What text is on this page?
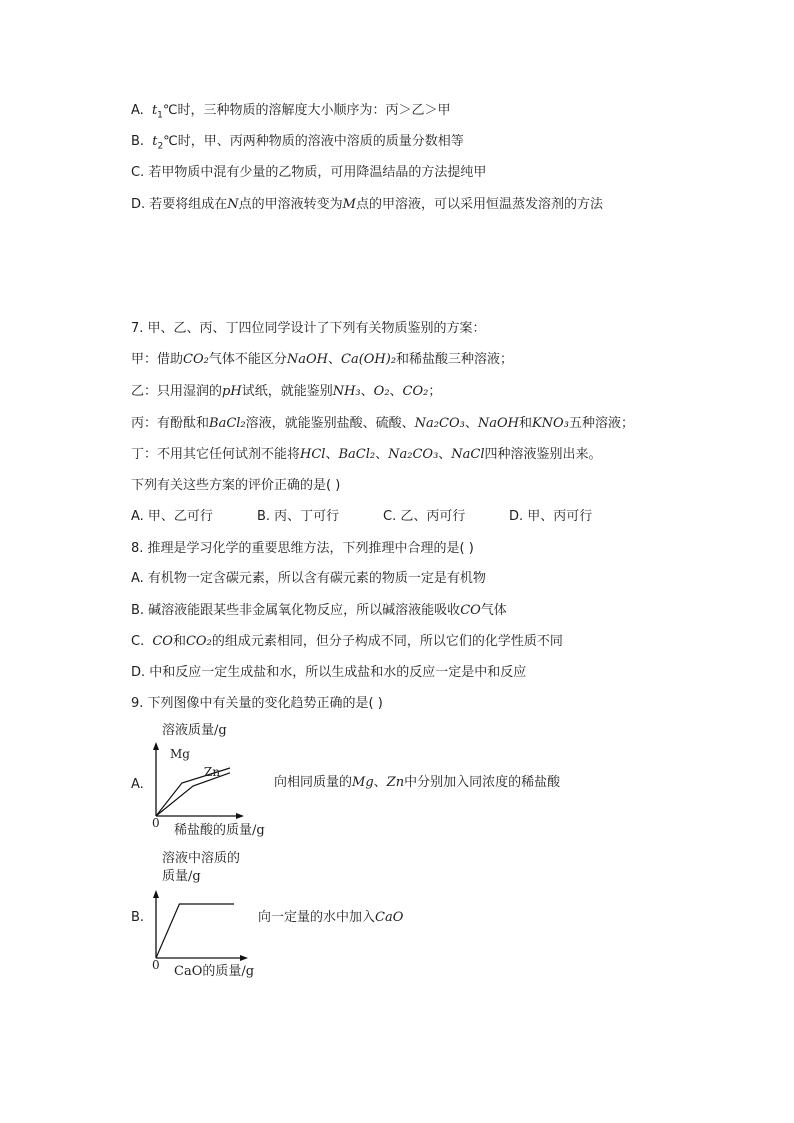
A. $t_1℃$时，三种物质的溶解度大小顺序为：丙＞乙＞甲
B. $t_2℃$时，甲、丙两种物质的溶液中溶质的质量分数相等
C. 若甲物质中混有少量的乙物质，可用降温结晶的方法提纯甲
D. 若要将组成在N点的甲溶液转变为M点的甲溶液，可以采用恒温蒸发溶剂的方法
7. 甲、乙、丙、丁四位同学设计了下列有关物质鉴别的方案：
甲：借助CO₂气体不能区分NaOH、Ca(OH)₂和稀盐酸三种溶液；
乙：只用湿润的pH试纸，就能鉴别NH₃、O₂、CO₂；
丙：有酚酞和BaCl₂溶液，就能鉴别盐酸、硫酸、Na₂CO₃、NaOH和KNO₃五种溶液；
丁：不用其它任何试剂不能将HCl、BaCl₂、Na₂CO₃、NaCl四种溶液鉴别出来。
下列有关这些方案的评价正确的是( )
A. 甲、乙可行	B. 丙、丁可行	C. 乙、丙可行	D. 甲、丙可行
8. 推理是学习化学的重要思维方法，下列推理中合理的是( )
A. 有机物一定含碳元素，所以含有碳元素的物质一定是有机物
B. 碱溶液能跟某些非金属氧化物反应，所以碱溶液能吸收CO气体
C. CO和CO₂的组成元素相同，但分子构成不同，所以它们的化学性质不同
D. 中和反应一定生成盐和水，所以生成盐和水的反应一定是中和反应
9. 下列图像中有关量的变化趋势正确的是( )
A.
溶液质量/g
稀盐酸的质量/g
0
Mg
Zn
向相同质量的Mg、Zn中分别加入同浓度的稀盐酸
B.
溶液中溶质的
质量/g
CaO的质量/g
0
向一定量的水中加入CaO
